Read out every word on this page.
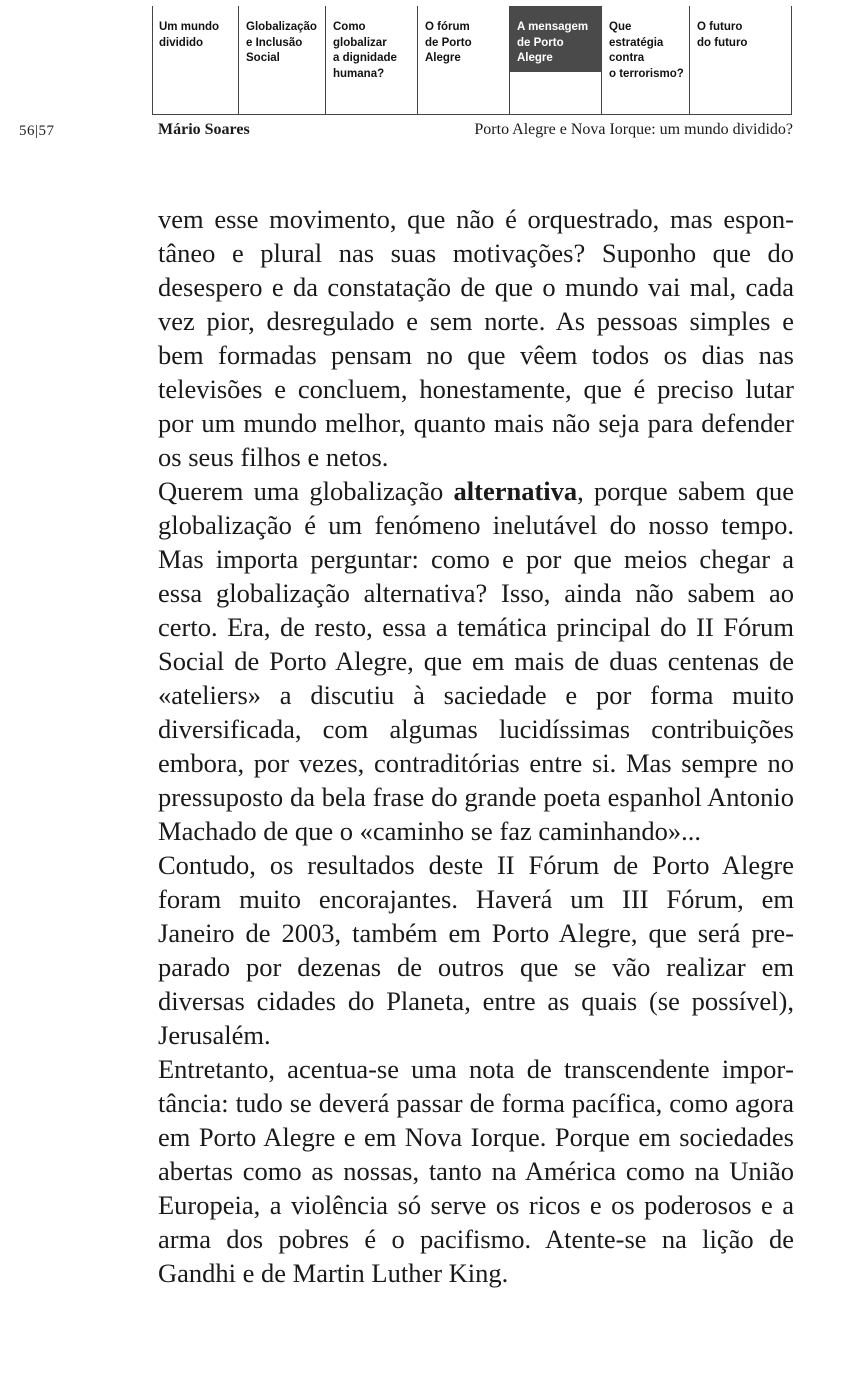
Um mundo
dividido
Globalização
e Inclusão
Social
Como
globalizar
a dignidade
humana?
O fórum
de Porto
Alegre
A mensagem
de Porto
Alegre
Que
estratégia
contra
o terrorismo?
O futuro
do futuro
56|57	Mário Soares	Porto Alegre e Nova Iorque: um mundo dividido?

vem esse movimento, que não é orquestrado, mas espontâneo e plural nas suas motivações? Suponho que do desespero e da constatação de que o mundo vai mal, cada vez pior, desregulado e sem norte. As pessoas simples e bem formadas pensam no que vêem todos os dias nas televisões e concluem, honestamente, que é preciso lutar por um mundo melhor, quanto mais não seja para defender os seus filhos e netos.

Querem uma globalização alternativa, porque sabem que globalização é um fenómeno inelutável do nosso tempo. Mas importa perguntar: como e por que meios chegar a essa globalização alternativa? Isso, ainda não sabem ao certo. Era, de resto, essa a temática principal do II Fórum Social de Porto Alegre, que em mais de duas centenas de «ateliers» a discutiu à saciedade e por forma muito diversificada, com algumas lucidíssimas contribuições embora, por vezes, contraditórias entre si. Mas sempre no pressuposto da bela frase do grande poeta espanhol Antonio Machado de que o «caminho se faz caminhando»...

Contudo, os resultados deste II Fórum de Porto Alegre foram muito encorajantes. Haverá um III Fórum, em Janeiro de 2003, também em Porto Alegre, que será preparado por dezenas de outros que se vão realizar em diversas cidades do Planeta, entre as quais (se possível), Jerusalém.

Entretanto, acentua-se uma nota de transcendente importância: tudo se deverá passar de forma pacífica, como agora em Porto Alegre e em Nova Iorque. Porque em sociedades abertas como as nossas, tanto na América como na União Europeia, a violência só serve os ricos e os poderosos e a arma dos pobres é o pacifismo. Atente-se na lição de Gandhi e de Martin Luther King.
